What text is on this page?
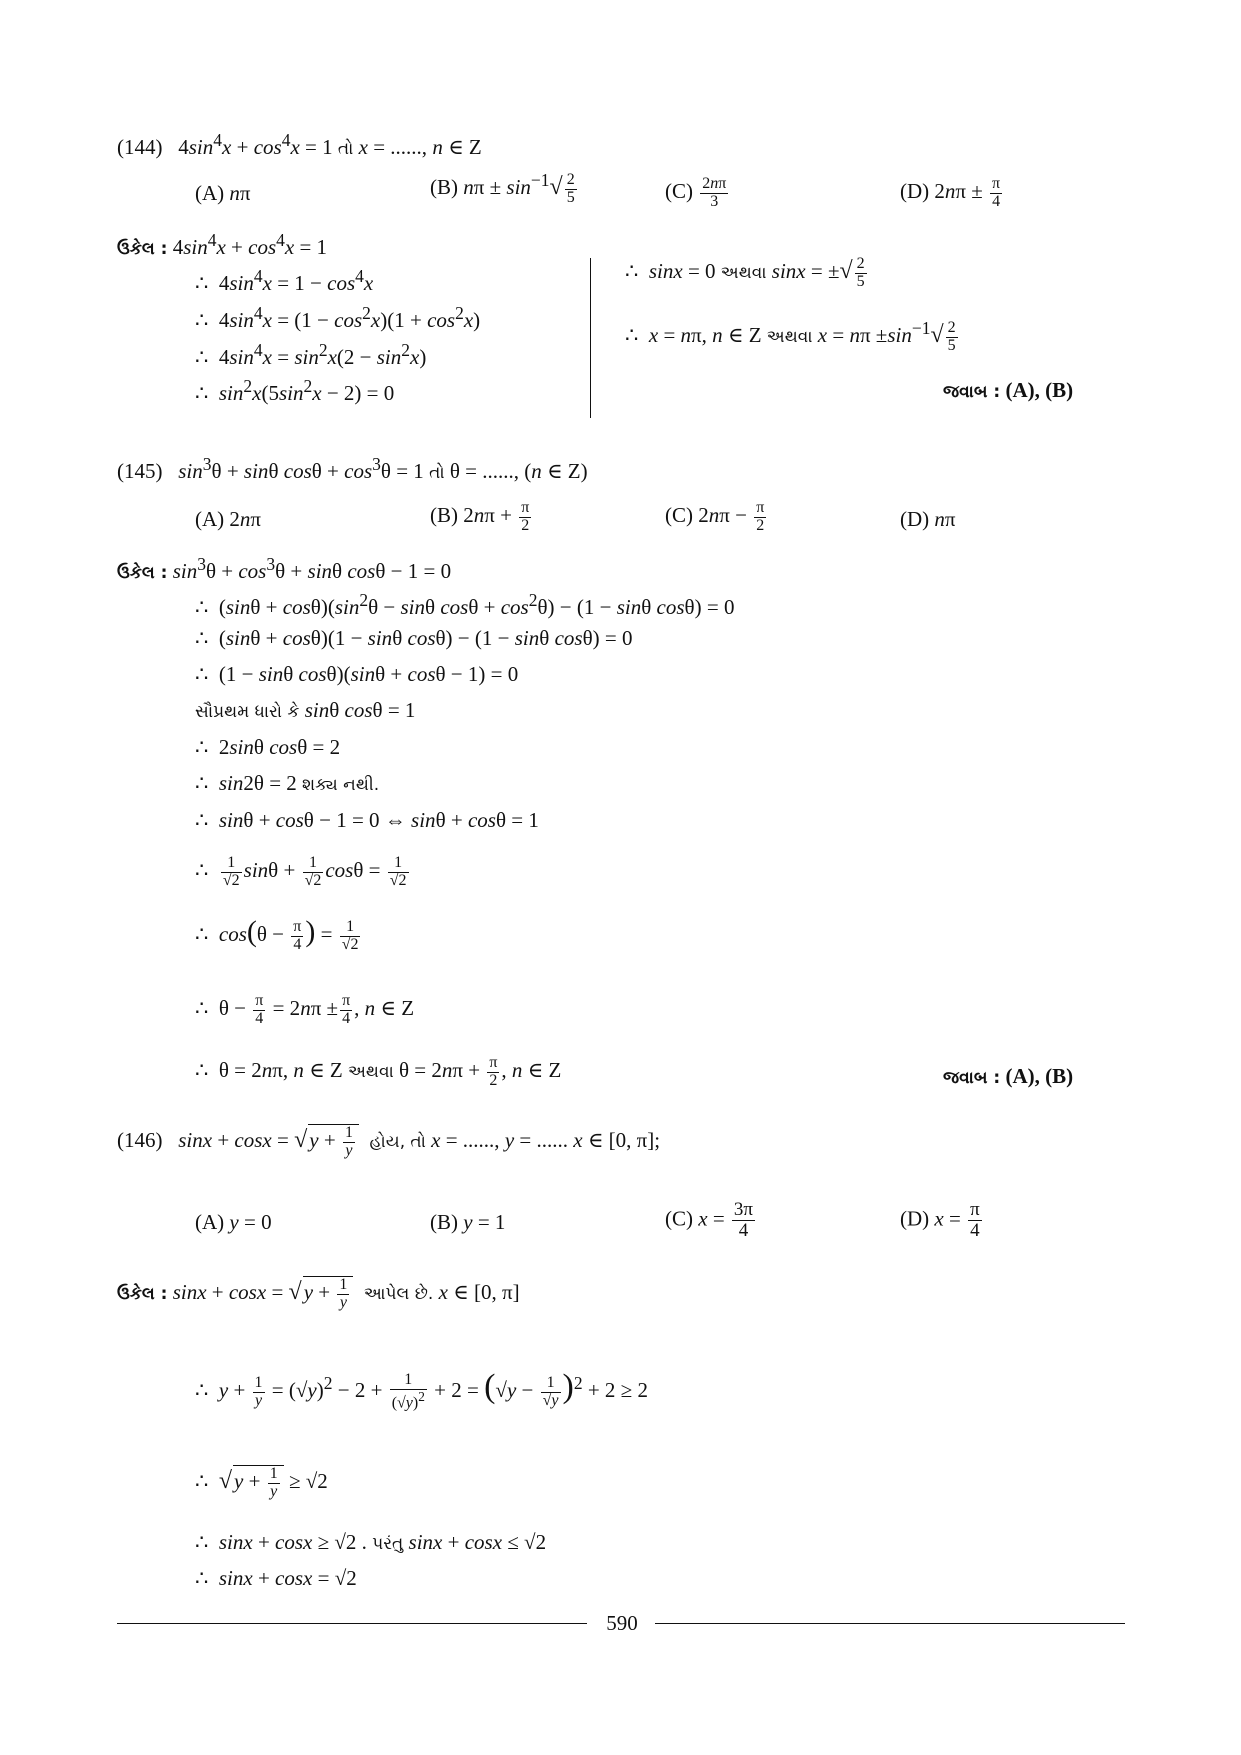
(144)   $4\sin^4x + \cos^4x = 1$ તો x = ......, n ∈ Z
(A) nπ	(B) $n\pi \pm \sin^{-1}√ \frac{2}{5}$	$(C) \frac{2n\pi}{3}$	(D) $2n\pi \pm \frac{\pi}{4}$
ઉકેલ : $4\sin^4x + \cos^4x = 1$
∴  $4\sin^4x = 1 - \cos^4x$
∴  $4\sin^4x = (1 - \cos^2x)(1 + \cos^2x)$
∴  $4\sin^4x = \sin^2x(2 - \sin^2x)$
∴  $\sin^2x(5\sin^2x - 2) = 0$
∴  sinx = 0 અથવા sinx = ±√ $\frac{2}{5}$
∴  x = nπ, n ∈ Z અથવા $x = n\pi \pm\sin^{-1}√ \frac{2}{5}$
જવાબ : (A), (B)
(145) $\sin^3\theta + \sin\theta$ $\cos\theta + \cos^3\theta = 1$ તો θ = ......, (n ∈ Z)
(A) 2nπ	(B) $2n\pi + \frac{\pi}{2}$	(C) $2n\pi - \frac{\pi}{2}$	(D) nπ
ઉકેલ : $\sin^3\theta + \cos^3\theta + \sin\theta$ cosθ − 1 = 0
∴  $(\sin\theta + \cos\theta)(\sin^2\theta - \sin\theta$ $\cos\theta + \cos^2\theta) - (1 - \sin\theta$ cosθ) = 0
∴  (sinθ + cosθ)(1 − sinθ cosθ) − (1 − sinθ cosθ) = 0
∴  (1 − sinθ cosθ)(sinθ + cosθ − 1) = 0
સૌપ્રથમ ધારો કે sinθ cosθ = 1
∴  2sinθ cosθ = 2
∴  sin2θ = 2 શક્ય નથી.
∴  sinθ + cosθ − 1 = 0 ⇔ sinθ + cosθ = 1
∴ $\frac{1}{√2}$ $\sin\theta + \frac{1}{√2}$ $\cos\theta = \frac{1}{√2}$
∴  $\cos(\theta - \frac{\pi}{4}$ ) = $\frac{1}{√2}$
∴  $\theta - \frac{\pi}{4} = 2n\pi \pm \frac{\pi}{4}$ , n ∈ Z
∴  θ = 2nπ, n ∈ Z અથવા $\theta = 2n\pi + \frac{\pi}{2}$ , n ∈ Z	જવાબ : (A), (B)
(146) $\sin x + \cos x = √y + \frac{1}{y}$ હોય, તો x = ......, y = ...... x ∈ [0, π];
(A) y = 0	(B) y = 1	(C) $x = \frac{3\pi}{4}$	(D) $x = \frac{\pi}{4}$
ઉકેલ : $\sin x + \cos x = √y + \frac{1}{y}$ આપેલ છે. x ∈ [0, π]
∴  $y + \frac{1}{y} = (√y)^2 - 2 + \frac{1}{(√y)^2} + 2 = (√y - \frac{1}{√y} )^2 + 2 \ge 2$
∴  $√y + \frac{1}{y} \ge √2$
∴  sinx + cosx ≥ √2 . પરંતુ sinx + cosx ≤ √2
∴  sinx + cosx = √2
590
